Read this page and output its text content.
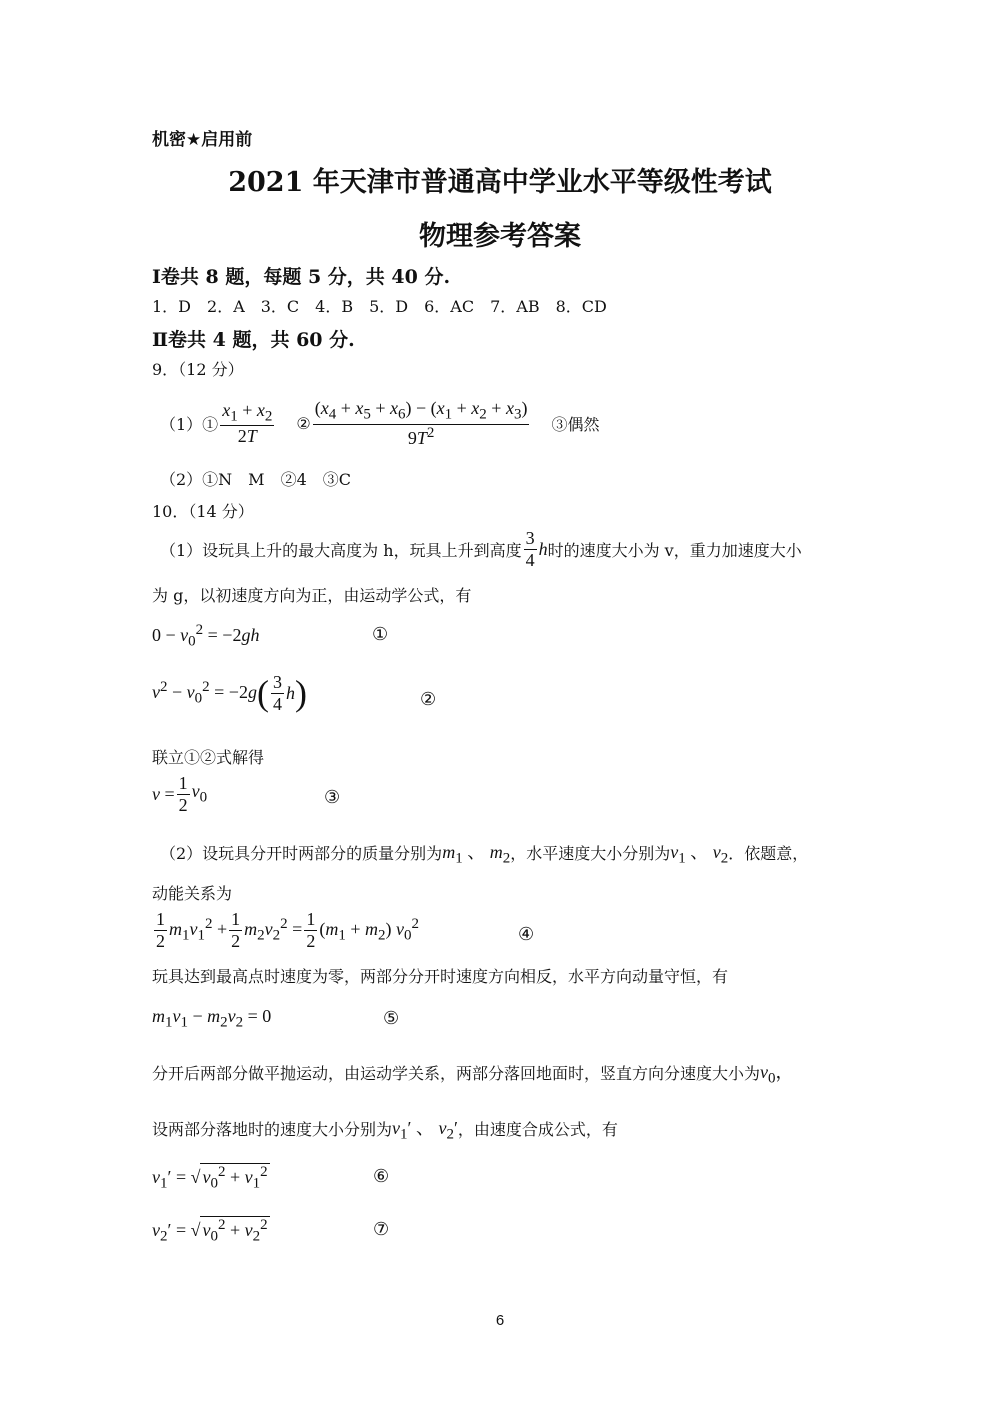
机密★启用前
2021 年天津市普通高中学业水平等级性考试
物理参考答案
Ⅰ卷共 8 题，每题 5 分，共 40 分.
1．D　2．A　3．C　4．B　5．D　6．AC　7．AB　8．CD
Ⅱ卷共 4 题，共 60 分.
9．（12 分）
（1）① $\frac{x_1 + x_2}{2T}$ ② $\frac{(x_4 + x_5 + x_6) - (x_1 + x_2 + x_3)}{9T^2}$ ③偶然
（2）①N　M　②4　③C
10．（14 分）
（1）设玩具上升的最大高度为 h，玩具上升到高度 $\frac{3}{4}$ h 时的速度大小为 v，重力加速度大小
为 g，以初速度方向为正，由运动学公式，有
$0 - v_0^2 = -2gh$	①
$v^2 - v_0^2 = -2g$ ( $\frac{3}{4}$ h )	②
联立①②式解得
$v = \frac{1}{2} v_0$	③
（2）设玩具分开时两部分的质量分别为 $m_1$ 、 $m_2$ ，水平速度大小分别为 $v_1$ 、 $v_2$ ．依题意，
动能关系为
$\frac{1}{2} m_1v_1^2 + \frac{1}{2} m_2v_2^2 = \frac{1}{2} (m_1 + m_2)$ $v_0^2$
④
玩具达到最高点时速度为零，两部分分开时速度方向相反，水平方向动量守恒，有
$m_1v_1 - m_2v_2 = 0$	⑤
分开后两部分做平抛运动，由运动学关系，两部分落回地面时，竖直方向分速度大小为 $v_0$，
设两部分落地时的速度大小分别为 $v_1'$ 、 $v_2'$ ，由速度合成公式，有
$v_1'$ = √ $v_0^2 + v_1^2$	⑥
$v_2'$ = √ $v_0^2 + v_2^2$	⑦
6
